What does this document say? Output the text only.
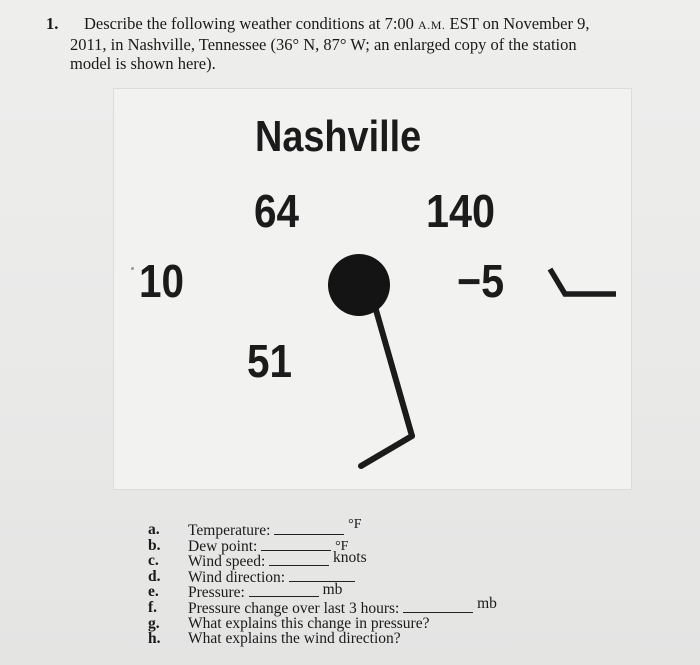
1.	Describe the following weather conditions at 7:00 A.M. EST on November 9,
2011, in Nashville, Tennessee (36° N, 87° W; an enlarged copy of the station
model is shown here).
Nashville
64	140
10	−5
51
a.	Temperature:	°F
b.	Dew point:	°F
c.	Wind speed:	knots
d.	Wind direction:
e.	Pressure:	mb
f.	Pressure change over last 3 hours:	mb
g.	What explains this change in pressure?
h.	What explains the wind direction?
